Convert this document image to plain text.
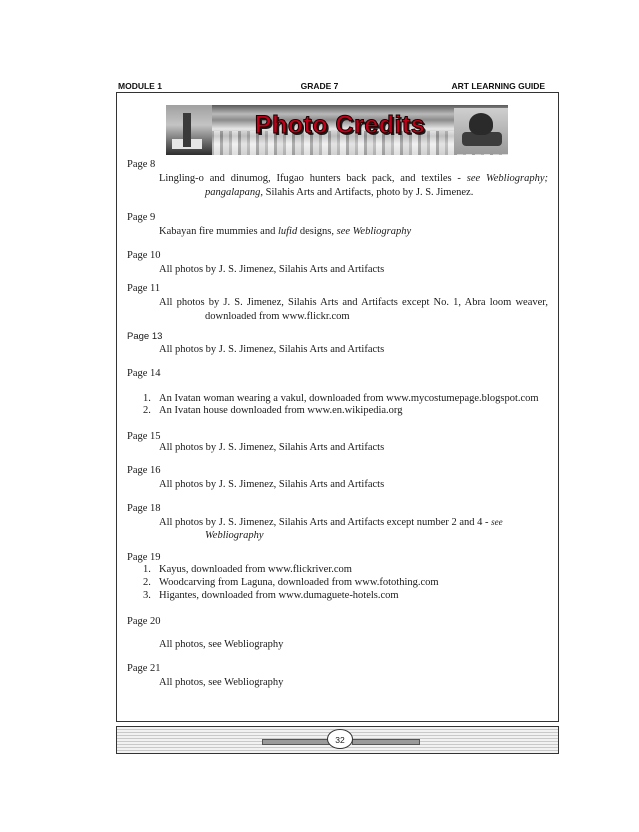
MODULE 1	GRADE 7	ART LEARNING GUIDE
Photo Credits
Page 8
Lingling-o and dinumog, Ifugao hunters back pack, and textiles - see Webliography;
pangalapang, Silahis Arts and Artifacts, photo by J. S. Jimenez.
Page 9
Kabayan fire mummies and lufid designs, see Webliography
Page 10
All photos by J. S. Jimenez, Silahis Arts and Artifacts
Page 11
All photos by J. S. Jimenez, Silahis Arts and Artifacts except No. 1, Abra loom weaver,
downloaded from www.flickr.com
Page 13
All photos by J. S. Jimenez, Silahis Arts and Artifacts
Page 14
1. An Ivatan woman wearing a vakul, downloaded from www.mycostumepage.blogspot.com
2. An Ivatan house downloaded from www.en.wikipedia.org
Page 15
All photos by J. S. Jimenez, Silahis Arts and Artifacts
Page 16
All photos by J. S. Jimenez, Silahis Arts and Artifacts
Page 18
All photos by J. S. Jimenez, Silahis Arts and Artifacts except number 2 and 4 - see
Webliography
Page 19
1. Kayus, downloaded from www.flickriver.com
2. Woodcarving from Laguna, downloaded from www.fotothing.com
3. Higantes, downloaded from www.dumaguete-hotels.com
Page 20
All photos, see Webliography
Page 21
All photos, see Webliography
32
